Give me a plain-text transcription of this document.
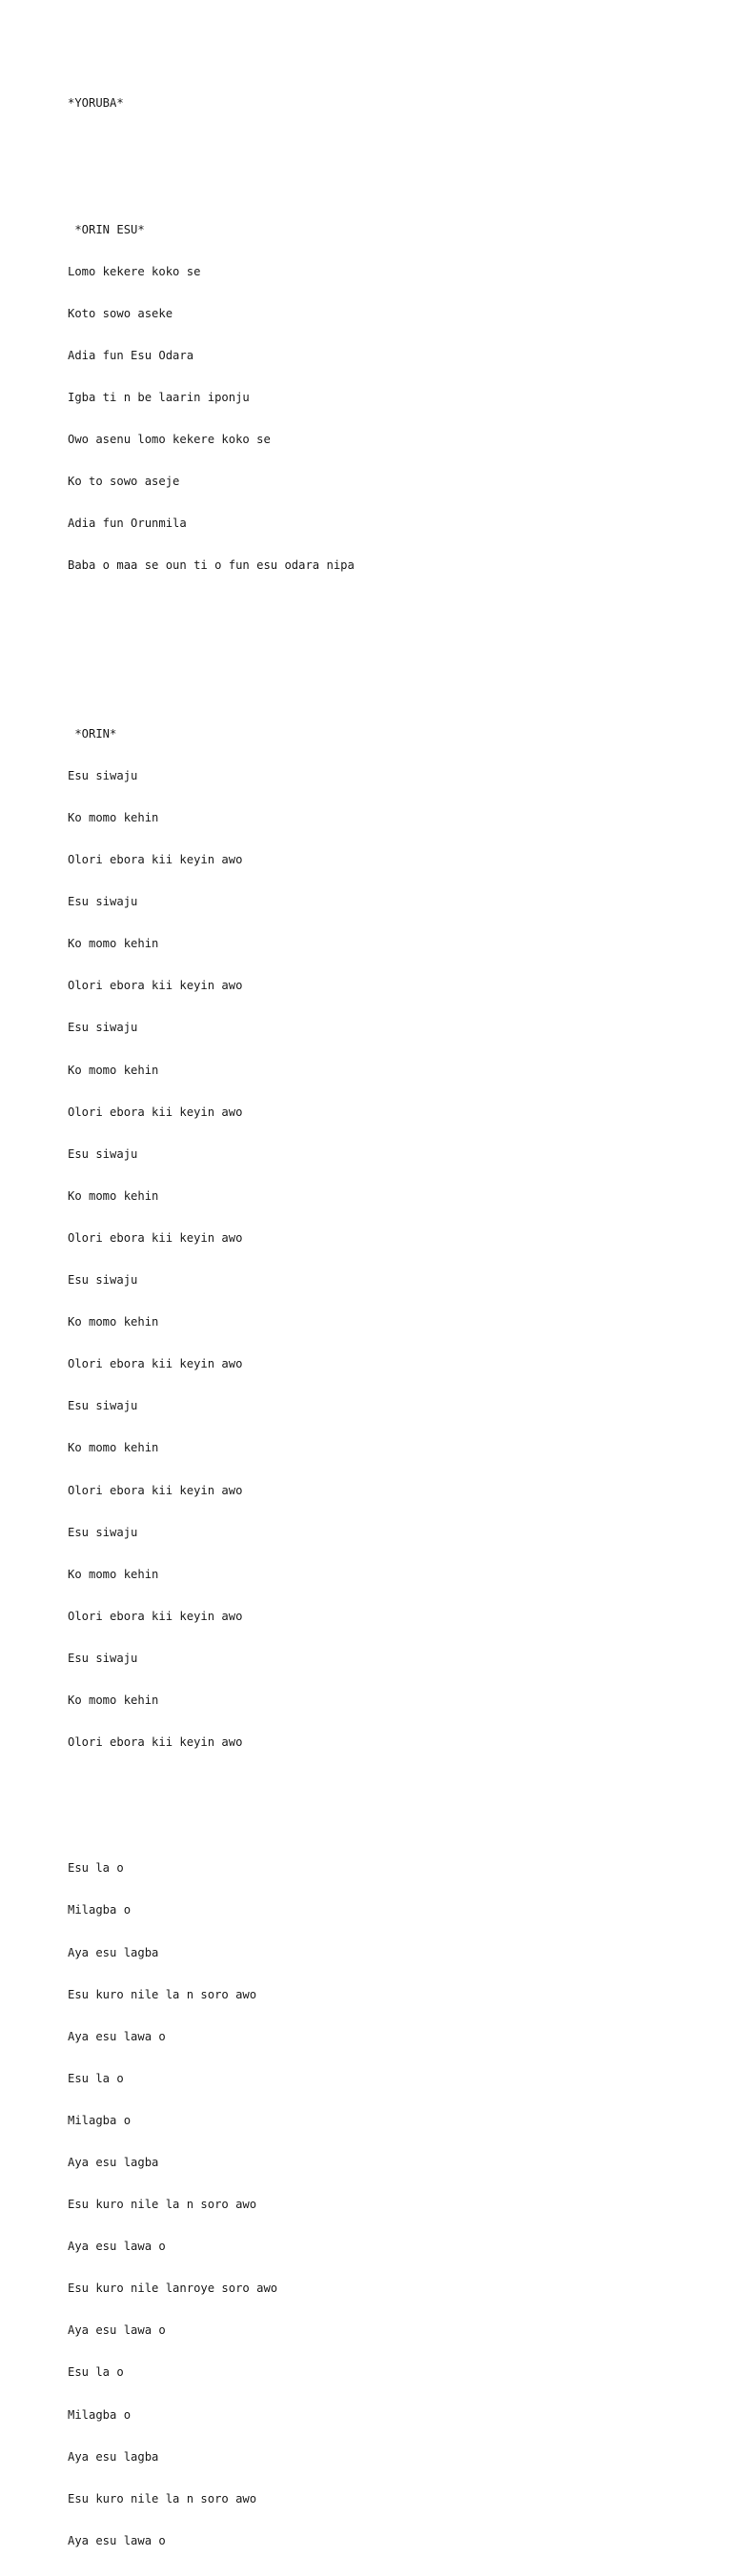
*YORUBA*

*ORIN ESU*

Lomo kekere koko se

Koto sowo aseke

Adia fun Esu Odara

Igba ti n be laarin iponju

Owo asenu lomo kekere koko se

Ko to sowo aseje

Adia fun Orunmila

Baba o maa se oun ti o fun esu odara nipa

*ORIN*

Esu siwaju

Ko momo kehin

Olori ebora kii keyin awo

Esu siwaju

Ko momo kehin

Olori ebora kii keyin awo

Esu siwaju

Ko momo kehin

Olori ebora kii keyin awo

Esu siwaju

Ko momo kehin

Olori ebora kii keyin awo

Esu siwaju

Ko momo kehin

Olori ebora kii keyin awo

Esu siwaju

Ko momo kehin

Olori ebora kii keyin awo

Esu siwaju

Ko momo kehin

Olori ebora kii keyin awo

Esu siwaju

Ko momo kehin

Olori ebora kii keyin awo

Esu la o

Milagba o

Aya esu lagba

Esu kuro nile la n soro awo

Aya esu lawa o

Esu la o

Milagba o

Aya esu lagba

Esu kuro nile la n soro awo

Aya esu lawa o

Esu kuro nile lanroye soro awo

Aya esu lawa o

Esu la o

Milagba o

Aya esu lagba

Esu kuro nile la n soro awo

Aya esu lawa o
